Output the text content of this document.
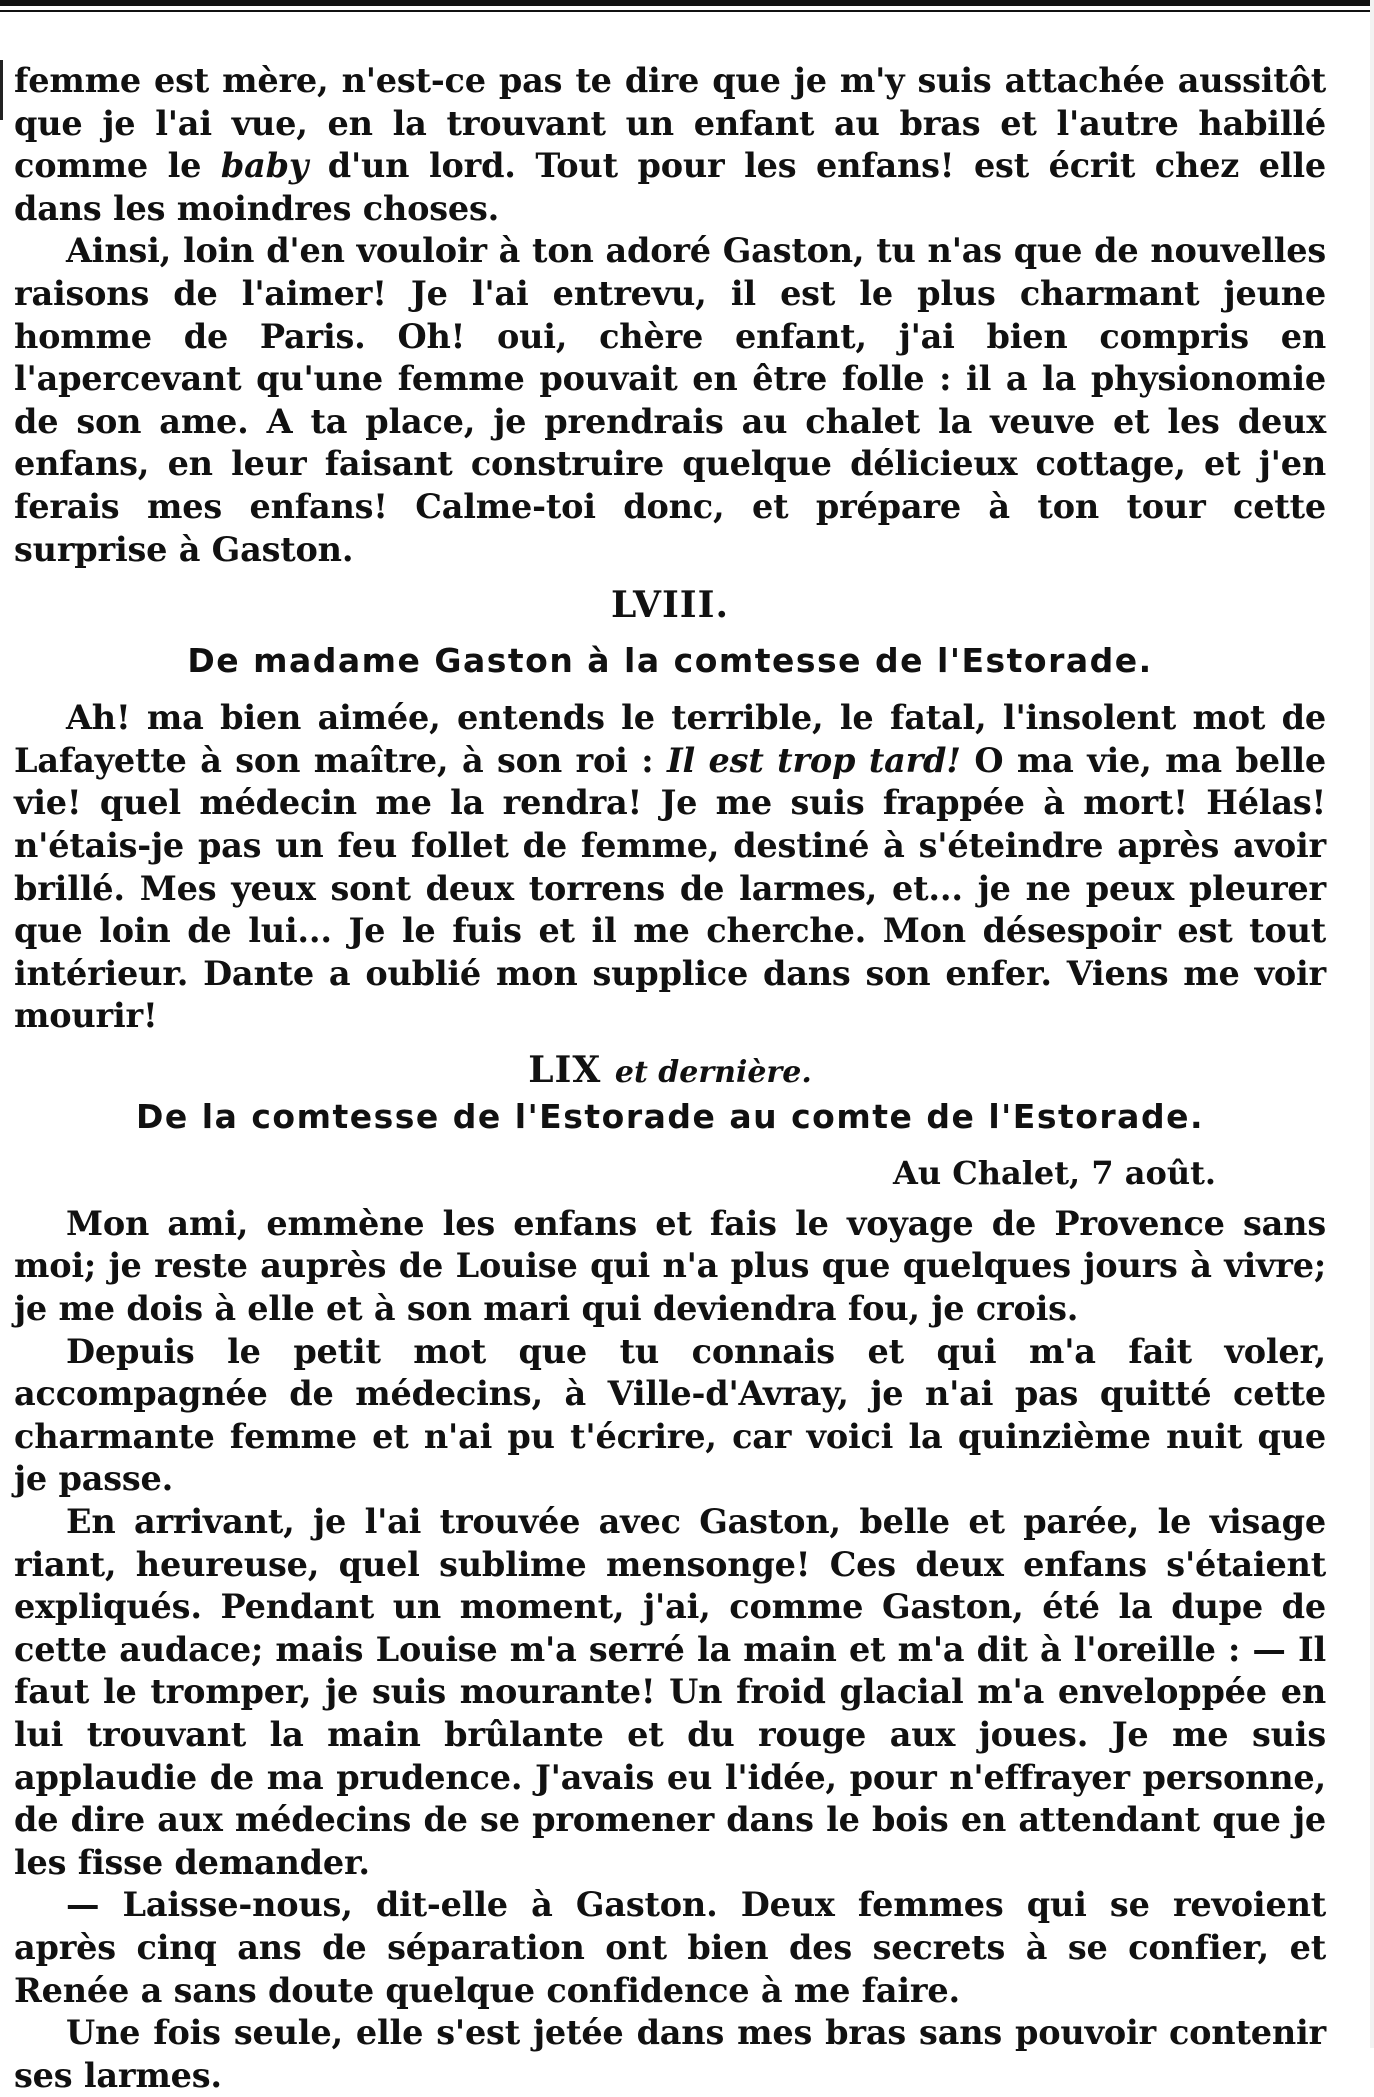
femme est mère, n'est-ce pas te dire que je m'y suis attachée aussitôt que je l'ai vue, en la trouvant un enfant au bras et l'autre habillé comme le baby d'un lord. Tout pour les enfans! est écrit chez elle dans les moindres choses.

Ainsi, loin d'en vouloir à ton adoré Gaston, tu n'as que de nouvelles raisons de l'aimer! Je l'ai entrevu, il est le plus charmant jeune homme de Paris. Oh! oui, chère enfant, j'ai bien compris en l'apercevant qu'une femme pouvait en être folle : il a la physionomie de son ame. A ta place, je prendrais au chalet la veuve et les deux enfans, en leur faisant construire quelque délicieux cottage, et j'en ferais mes enfans! Calme-toi donc, et prépare à ton tour cette surprise à Gaston.

LVIII.
De madame Gaston à la comtesse de l'Estorade.

Ah! ma bien aimée, entends le terrible, le fatal, l'insolent mot de Lafayette à son maître, à son roi : Il est trop tard! O ma vie, ma belle vie! quel médecin me la rendra! Je me suis frappée à mort! Hélas! n'étais-je pas un feu follet de femme, destiné à s'éteindre après avoir brillé. Mes yeux sont deux torrens de larmes, et... je ne peux pleurer que loin de lui... Je le fuis et il me cherche. Mon désespoir est tout intérieur. Dante a oublié mon supplice dans son enfer. Viens me voir mourir!

LIX et dernière.
De la comtesse de l'Estorade au comte de l'Estorade.
Au Chalet, 7 août.

Mon ami, emmène les enfans et fais le voyage de Provence sans moi; je reste auprès de Louise qui n'a plus que quelques jours à vivre; je me dois à elle et à son mari qui deviendra fou, je crois.

Depuis le petit mot que tu connais et qui m'a fait voler, accompagnée de médecins, à Ville-d'Avray, je n'ai pas quitté cette charmante femme et n'ai pu t'écrire, car voici la quinzième nuit que je passe.

En arrivant, je l'ai trouvée avec Gaston, belle et parée, le visage riant, heureuse, quel sublime mensonge! Ces deux enfans s'étaient expliqués. Pendant un moment, j'ai, comme Gaston, été la dupe de cette audace; mais Louise m'a serré la main et m'a dit à l'oreille : — Il faut le tromper, je suis mourante! Un froid glacial m'a enveloppée en lui trouvant la main brûlante et du rouge aux joues. Je me suis applaudie de ma prudence. J'avais eu l'idée, pour n'effrayer personne, de dire aux médecins de se promener dans le bois en attendant que je les fisse demander.

— Laisse-nous, dit-elle à Gaston. Deux femmes qui se revoient après cinq ans de séparation ont bien des secrets à se confier, et Renée a sans doute quelque confidence à me faire.

Une fois seule, elle s'est jetée dans mes bras sans pouvoir contenir ses larmes.
